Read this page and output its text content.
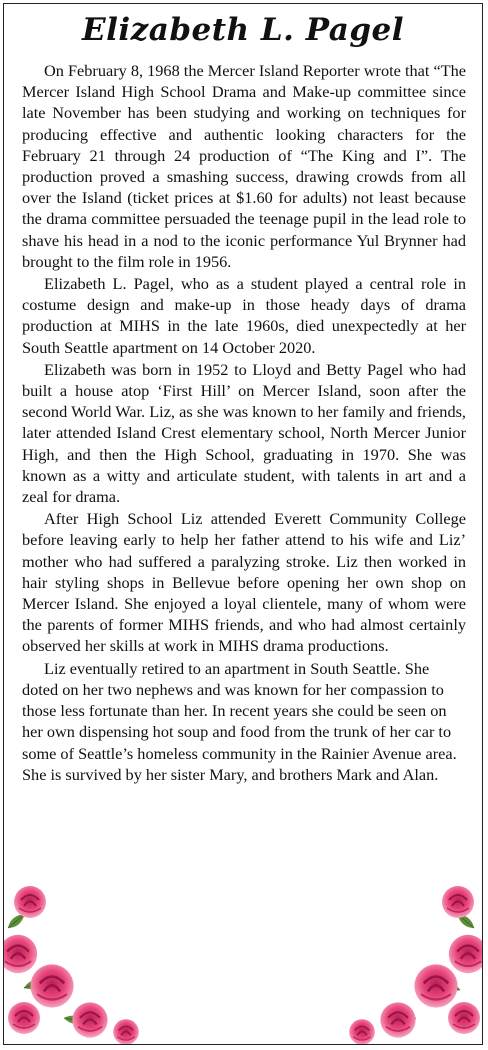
Elizabeth L. Pagel

On February 8, 1968 the Mercer Island Reporter wrote that “The Mercer Island High School Drama and Make-up committee since late November has been studying and working on techniques for producing effective and authentic looking characters for the February 21 through 24 production of “The King and I”. The production proved a smashing success, drawing crowds from all over the Island (ticket prices at $1.60 for adults) not least because the drama committee persuaded the teenage pupil in the lead role to shave his head in a nod to the iconic performance Yul Brynner had brought to the film role in 1956.

Elizabeth L. Pagel, who as a student played a central role in costume design and make-up in those heady days of drama production at MIHS in the late 1960s, died unexpectedly at her South Seattle apartment on 14 October 2020.

Elizabeth was born in 1952 to Lloyd and Betty Pagel who had built a house atop ‘First Hill’ on Mercer Island, soon after the second World War. Liz, as she was known to her family and friends, later attended Island Crest elementary school, North Mercer Junior High, and then the High School, graduating in 1970. She was known as a witty and articulate student, with talents in art and a zeal for drama.

After High School Liz attended Everett Community College before leaving early to help her father attend to his wife and Liz’ mother who had suffered a paralyzing stroke. Liz then worked in hair styling shops in Bellevue before opening her own shop on Mercer Island. She enjoyed a loyal clientele, many of whom were the parents of former MIHS friends, and who had almost certainly observed her skills at work in MIHS drama productions.

Liz eventually retired to an apartment in South Seattle. She doted on her two nephews and was known for her compassion to those less fortunate than her. In recent years she could be seen on her own dispensing hot soup and food from the trunk of her car to some of Seattle’s homeless community in the Rainier Avenue area. She is survived by her sister Mary, and brothers Mark and Alan.
